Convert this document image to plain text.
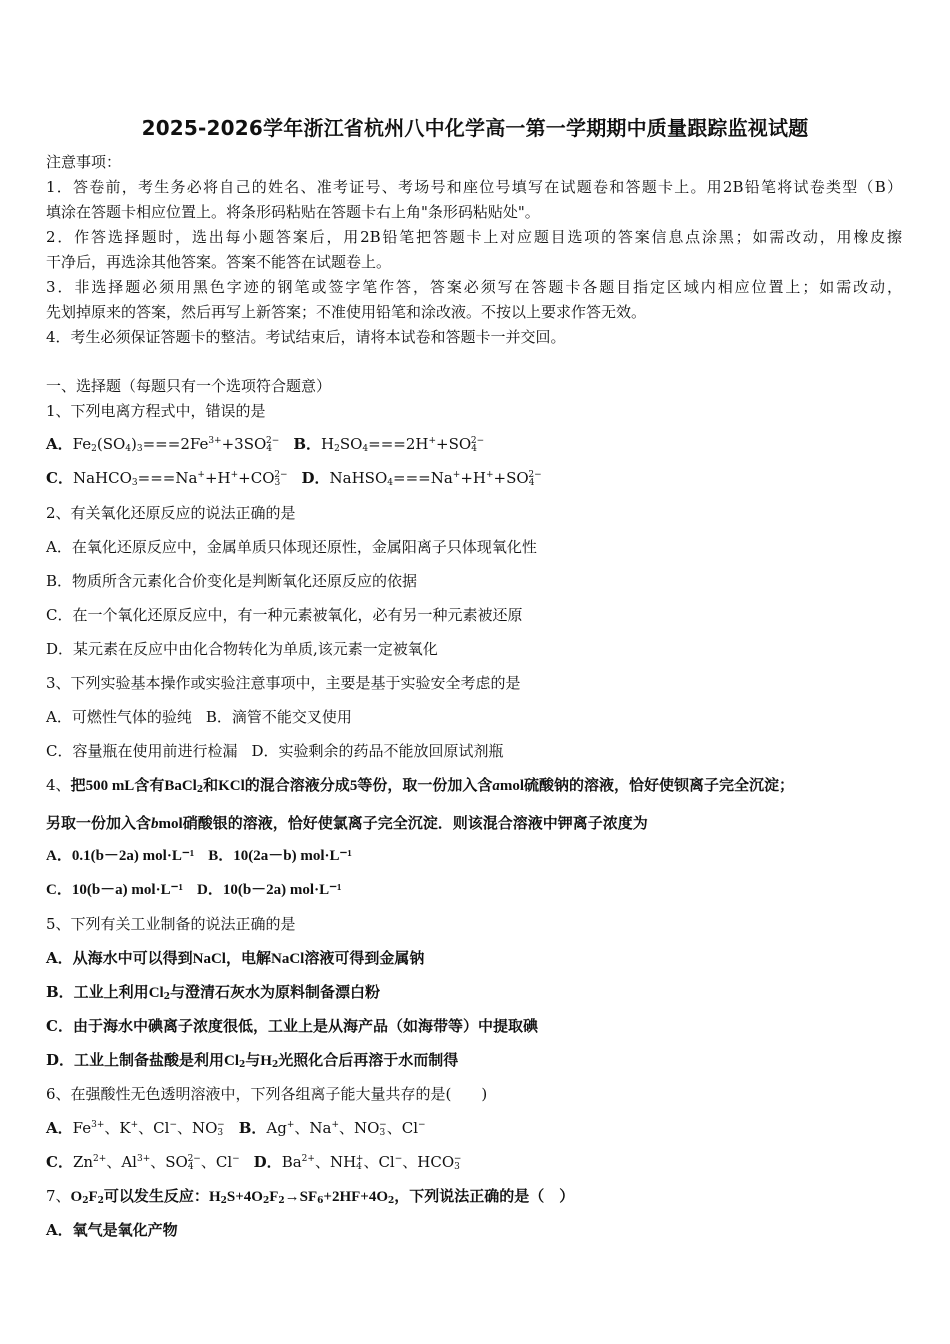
2025-2026学年浙江省杭州八中化学高一第一学期期中质量跟踪监视试题
注意事项：
1．答卷前，考生务必将自己的姓名、准考证号、考场号和座位号填写在试题卷和答题卡上。用2B铅笔将试卷类型（B）
填涂在答题卡相应位置上。将条形码粘贴在答题卡右上角"条形码粘贴处"。
2．作答选择题时，选出每小题答案后，用2B铅笔把答题卡上对应题目选项的答案信息点涂黑；如需改动，用橡皮擦
干净后，再选涂其他答案。答案不能答在试题卷上。
3．非选择题必须用黑色字迹的钢笔或签字笔作答，答案必须写在答题卡各题目指定区域内相应位置上；如需改动，
先划掉原来的答案，然后再写上新答案；不准使用铅笔和涂改液。不按以上要求作答无效。
4．考生必须保证答题卡的整洁。考试结束后，请将本试卷和答题卡一并交回。
一、选择题（每题只有一个选项符合题意）
1、下列电离方程式中，错误的是
A．$Fe_2(SO_4)_3===2Fe^{3+}+3SO_4^{2-}$ B．$H_2SO_4===2H^++SO_4^{2-}$
C．$NaHCO_3===Na^++H^++CO_3^{2-}$ D．$NaHSO_4===Na^++H^++SO_4^{2-}$
2、有关氧化还原反应的说法正确的是
A．在氧化还原反应中，金属单质只体现还原性，金属阳离子只体现氧化性
B．物质所含元素化合价变化是判断氧化还原反应的依据
C．在一个氧化还原反应中，有一种元素被氧化，必有另一种元素被还原
D．某元素在反应中由化合物转化为单质,该元素一定被氧化
3、下列实验基本操作或实验注意事项中，主要是基于实验安全考虑的是
A．可燃性气体的验纯 B．滴管不能交叉使用
C．容量瓶在使用前进行检漏 D．实验剩余的药品不能放回原试剂瓶
4、把500 mL含有BaCl$_2$和KCl的混合溶液分成5等份，取一份加入含amol硫酸钠的溶液，恰好使钡离子完全沉淀；
另取一份加入含bmol硝酸银的溶液，恰好使氯离子完全沉淀．则该混合溶液中钾离子浓度为
A．0.1(b－2a) mol·L⁻¹ B．10(2a－b) mol·L⁻¹
C．10(b－a) mol·L⁻¹ D．10(b－2a) mol·L⁻¹
5、下列有关工业制备的说法正确的是
A．从海水中可以得到NaCl，电解NaCl溶液可得到金属钠
B．工业上利用$Cl_2$与澄清石灰水为原料制备漂白粉
C．由于海水中碘离子浓度很低，工业上是从海产品（如海带等）中提取碘
D．工业上制备盐酸是利用$Cl_2$与$H_2$光照化合后再溶于水而制得
6、在强酸性无色透明溶液中，下列各组离子能大量共存的是(　　)
A．$Fe^{3+}$、K+、Cl−、$NO_3^-$ B．Ag+、Na+、$NO_3^-$、Cl−
C．$Zn^{2+}$、$Al^{3+}$、$SO_4^{2-}$、Cl− D．$Ba^{2+}$、$NH_4^+$、Cl−、$HCO_3^-$
7、$O_2F_2$可以发生反应：$H_2S+4O_2F_2\to SF_6+2HF+4O_2$，下列说法正确的是（　）
A．氧气是氧化产物
